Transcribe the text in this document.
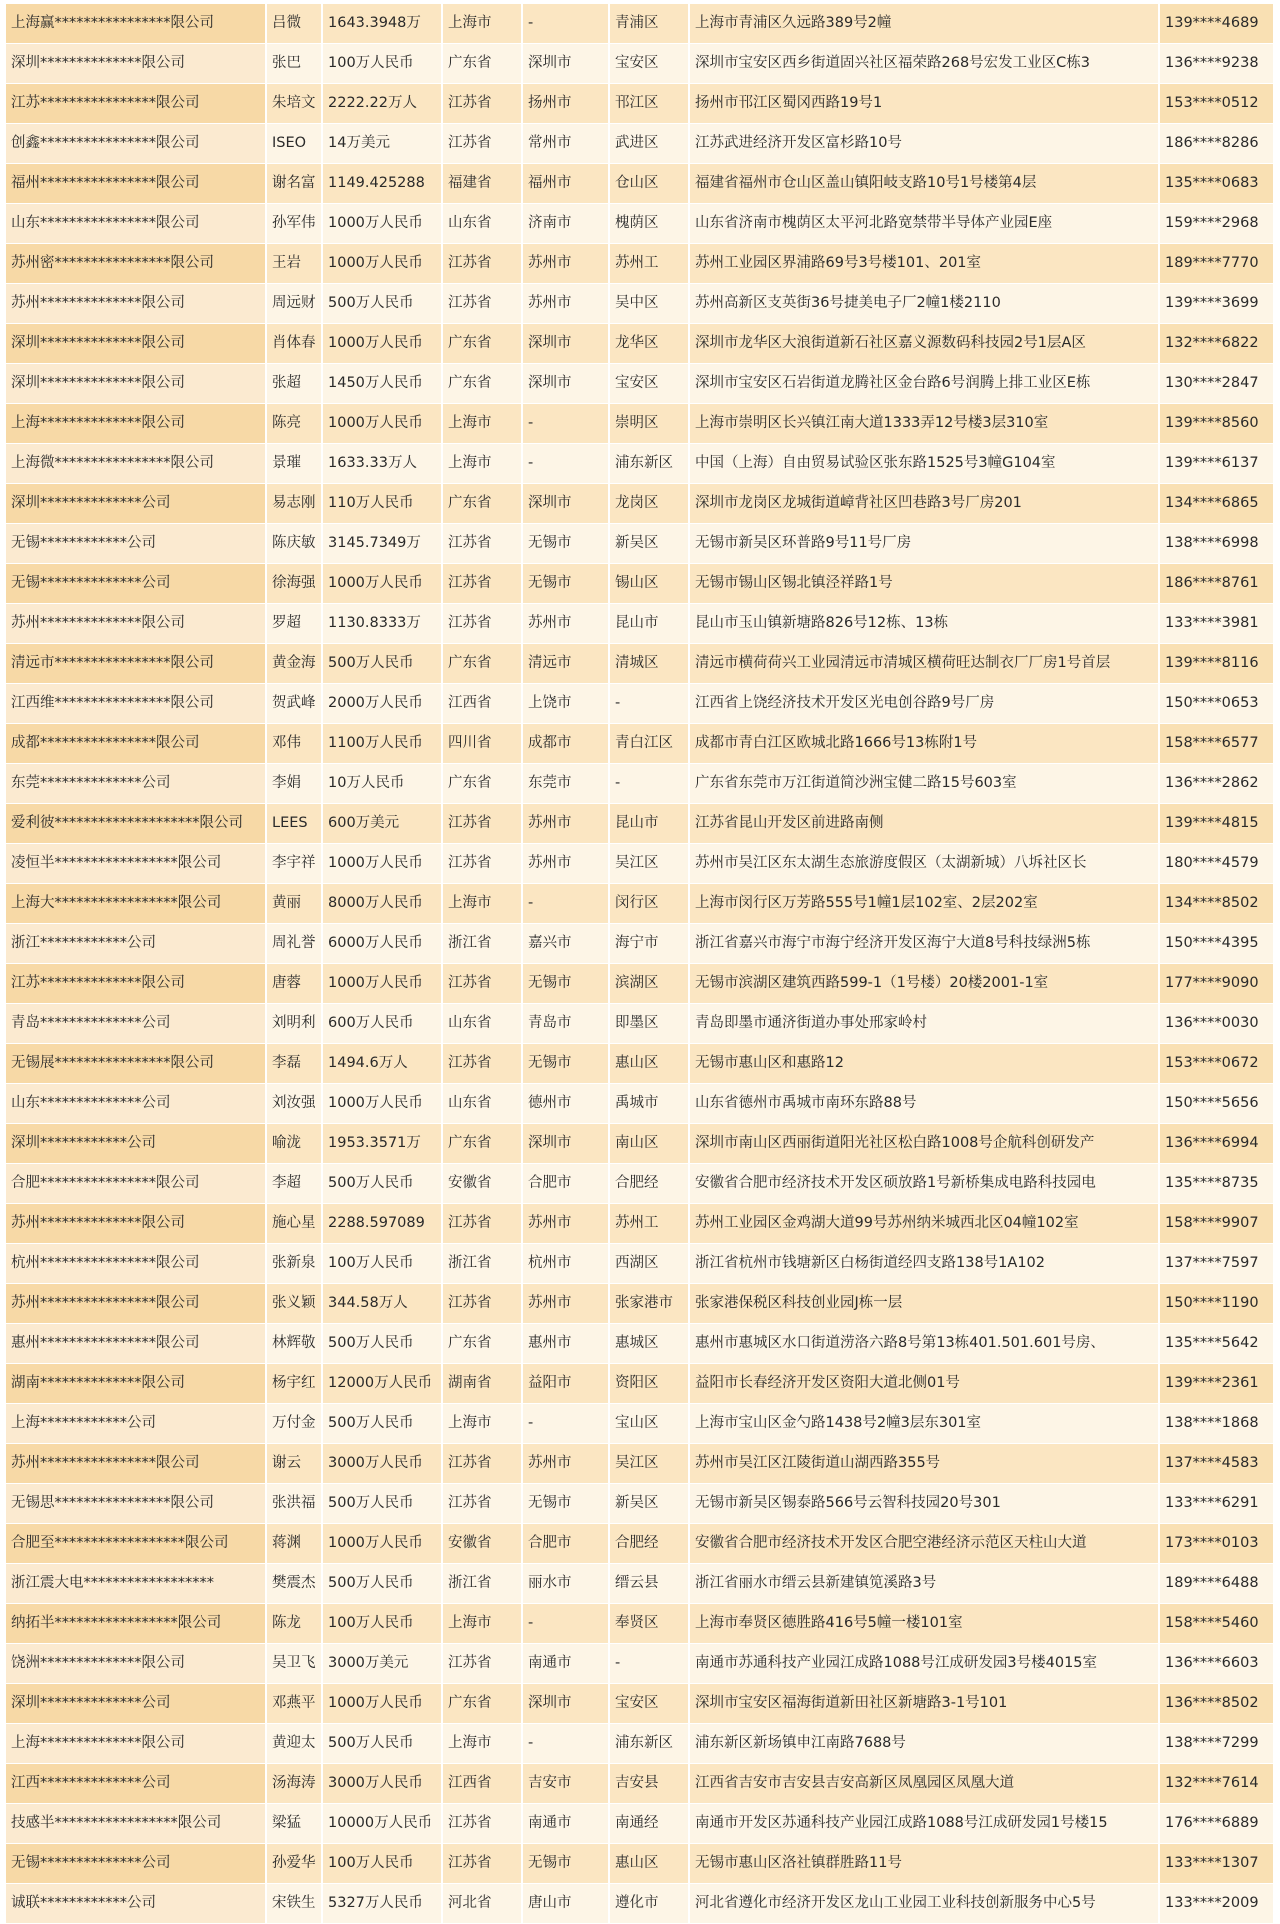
上海赢****************限公司	吕微	1643.3948万	上海市	-	青浦区	上海市青浦区久远路389号2幢	139****4689
深圳**************限公司	张巴	100万人民币	广东省	深圳市	宝安区	深圳市宝安区西乡街道固兴社区福荣路268号宏发工业区C栋3	136****9238
江苏****************限公司	朱培文	2222.22万人	江苏省	扬州市	邗江区	扬州市邗江区蜀冈西路19号1	153****0512
创鑫****************限公司	ISEO	14万美元	江苏省	常州市	武进区	江苏武进经济开发区富杉路10号	186****8286
福州****************限公司	谢名富	1149.425288	福建省	福州市	仓山区	福建省福州市仓山区盖山镇阳岐支路10号1号楼第4层	135****0683
山东****************限公司	孙军伟	1000万人民币	山东省	济南市	槐荫区	山东省济南市槐荫区太平河北路宽禁带半导体产业园E座	159****2968
苏州密****************限公司	王岩	1000万人民币	江苏省	苏州市	苏州工	苏州工业园区界浦路69号3号楼101、201室	189****7770
苏州**************限公司	周远财	500万人民币	江苏省	苏州市	吴中区	苏州高新区支英街36号捷美电子厂2幢1楼2110	139****3699
深圳**************限公司	肖体春	1000万人民币	广东省	深圳市	龙华区	深圳市龙华区大浪街道新石社区嘉义源数码科技园2号1层A区	132****6822
深圳**************限公司	张超	1450万人民币	广东省	深圳市	宝安区	深圳市宝安区石岩街道龙腾社区金台路6号润腾上排工业区E栋	130****2847
上海**************限公司	陈亮	1000万人民币	上海市	-	崇明区	上海市崇明区长兴镇江南大道1333弄12号楼3层310室	139****8560
上海微****************限公司	景璀	1633.33万人	上海市	-	浦东新区	中国（上海）自由贸易试验区张东路1525号3幢G104室	139****6137
深圳**************公司	易志刚	110万人民币	广东省	深圳市	龙岗区	深圳市龙岗区龙城街道嶂背社区凹巷路3号厂房201	134****6865
无锡************公司	陈庆敏	3145.7349万	江苏省	无锡市	新吴区	无锡市新吴区环普路9号11号厂房	138****6998
无锡**************公司	徐海强	1000万人民币	江苏省	无锡市	锡山区	无锡市锡山区锡北镇泾祥路1号	186****8761
苏州**************限公司	罗超	1130.8333万	江苏省	苏州市	昆山市	昆山市玉山镇新塘路826号12栋、13栋	133****3981
清远市****************限公司	黄金海	500万人民币	广东省	清远市	清城区	清远市横荷荷兴工业园清远市清城区横荷旺达制衣厂厂房1号首层	139****8116
江西维****************限公司	贺武峰	2000万人民币	江西省	上饶市	-	江西省上饶经济技术开发区光电创谷路9号厂房	150****0653
成都****************限公司	邓伟	1100万人民币	四川省	成都市	青白江区	成都市青白江区欧城北路1666号13栋附1号	158****6577
东莞**************公司	李娟	10万人民币	广东省	东莞市	-	广东省东莞市万江街道简沙洲宝健二路15号603室	136****2862
爱利彼********************限公司	LEES	600万美元	江苏省	苏州市	昆山市	江苏省昆山开发区前进路南侧	139****4815
凌恒半*****************限公司	李宇祥	1000万人民币	江苏省	苏州市	吴江区	苏州市吴江区东太湖生态旅游度假区（太湖新城）八坼社区长	180****4579
上海大*****************限公司	黄丽	8000万人民币	上海市	-	闵行区	上海市闵行区万芳路555号1幢1层102室、2层202室	134****8502
浙江************公司	周礼誉	6000万人民币	浙江省	嘉兴市	海宁市	浙江省嘉兴市海宁市海宁经济开发区海宁大道8号科技绿洲5栋	150****4395
江苏**************限公司	唐蓉	1000万人民币	江苏省	无锡市	滨湖区	无锡市滨湖区建筑西路599-1（1号楼）20楼2001-1室	177****9090
青岛**************公司	刘明利	600万人民币	山东省	青岛市	即墨区	青岛即墨市通济街道办事处邢家岭村	136****0030
无锡展****************限公司	李磊	1494.6万人	江苏省	无锡市	惠山区	无锡市惠山区和惠路12	153****0672
山东**************公司	刘汝强	1000万人民币	山东省	德州市	禹城市	山东省德州市禹城市南环东路88号	150****5656
深圳************公司	喻泷	1953.3571万	广东省	深圳市	南山区	深圳市南山区西丽街道阳光社区松白路1008号企航科创研发产	136****6994
合肥****************限公司	李超	500万人民币	安徽省	合肥市	合肥经	安徽省合肥市经济技术开发区硕放路1号新桥集成电路科技园电	135****8735
苏州**************限公司	施心星	2288.597089	江苏省	苏州市	苏州工	苏州工业园区金鸡湖大道99号苏州纳米城西北区04幢102室	158****9907
杭州****************限公司	张新泉	100万人民币	浙江省	杭州市	西湖区	浙江省杭州市钱塘新区白杨街道经四支路138号1A102	137****7597
苏州****************限公司	张义颖	344.58万人	江苏省	苏州市	张家港市	张家港保税区科技创业园J栋一层	150****1190
惠州****************限公司	林辉敬	500万人民币	广东省	惠州市	惠城区	惠州市惠城区水口街道涝洛六路8号第13栋401.501.601号房、	135****5642
湖南**************限公司	杨宇红	12000万人民币	湖南省	益阳市	资阳区	益阳市长春经济开发区资阳大道北侧01号	139****2361
上海************公司	万付金	500万人民币	上海市	-	宝山区	上海市宝山区金勺路1438号2幢3层东301室	138****1868
苏州****************限公司	谢云	3000万人民币	江苏省	苏州市	吴江区	苏州市吴江区江陵街道山湖西路355号	137****4583
无锡思****************限公司	张洪福	500万人民币	江苏省	无锡市	新吴区	无锡市新吴区锡泰路566号云智科技园20号301	133****6291
合肥至******************限公司	蒋渊	1000万人民币	安徽省	合肥市	合肥经	安徽省合肥市经济技术开发区合肥空港经济示范区天柱山大道	173****0103
浙江震大电******************	樊震杰	500万人民币	浙江省	丽水市	缙云县	浙江省丽水市缙云县新建镇笕溪路3号	189****6488
纳拓半*****************限公司	陈龙	100万人民币	上海市	-	奉贤区	上海市奉贤区德胜路416号5幢一楼101室	158****5460
饶洲**************限公司	吴卫飞	3000万美元	江苏省	南通市	-	南通市苏通科技产业园江成路1088号江成研发园3号楼4015室	136****6603
深圳**************公司	邓燕平	1000万人民币	广东省	深圳市	宝安区	深圳市宝安区福海街道新田社区新塘路3-1号101	136****8502
上海**************限公司	黄迎太	500万人民币	上海市	-	浦东新区	浦东新区新场镇申江南路7688号	138****7299
江西**************公司	汤海涛	3000万人民币	江西省	吉安市	吉安县	江西省吉安市吉安县吉安高新区凤凰园区凤凰大道	132****7614
技感半*****************限公司	梁猛	10000万人民币	江苏省	南通市	南通经	南通市开发区苏通科技产业园江成路1088号江成研发园1号楼15	176****6889
无锡**************公司	孙爱华	100万人民币	江苏省	无锡市	惠山区	无锡市惠山区洛社镇群胜路11号	133****1307
诚联************公司	宋铁生	5327万人民币	河北省	唐山市	遵化市	河北省遵化市经济开发区龙山工业园工业科技创新服务中心5号	133****2009
